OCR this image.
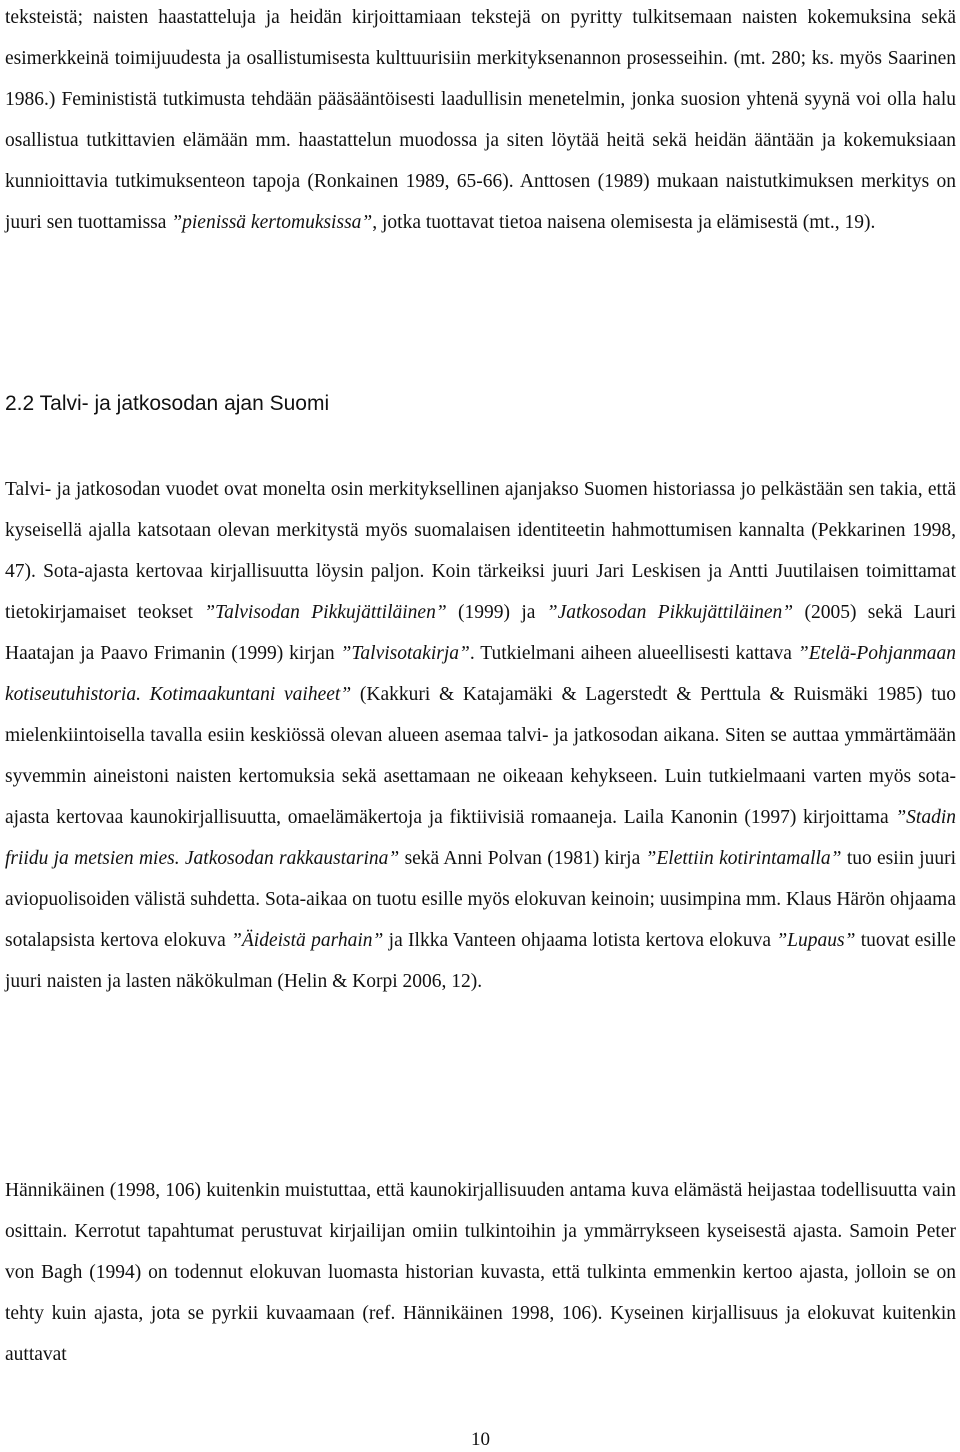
teksteistä; naisten haastatteluja ja heidän kirjoittamiaan tekstejä on pyritty tulkitsemaan naisten kokemuksina sekä esimerkkeinä toimijuudesta ja osallistumisesta kulttuurisiin merkityksenannon prosesseihin. (mt. 280; ks. myös Saarinen 1986.) Feminististä tutkimusta tehdään pääsääntöisesti laadullisin menetelmin, jonka suosion yhtenä syynä voi olla halu osallistua tutkittavien elämään mm. haastattelun muodossa ja siten löytää heitä sekä heidän ääntään ja kokemuksiaan kunnioittavia tutkimuksenteon tapoja (Ronkainen 1989, 65-66). Anttosen (1989) mukaan naistutkimuksen merkitys on juuri sen tuottamissa ”pienissä kertomuksissa”, jotka tuottavat tietoa naisena olemisesta ja elämisestä (mt., 19).

2.2 Talvi- ja jatkosodan ajan Suomi

Talvi- ja jatkosodan vuodet ovat monelta osin merkityksellinen ajanjakso Suomen historiassa jo pelkästään sen takia, että kyseisellä ajalla katsotaan olevan merkitystä myös suomalaisen identiteetin hahmottumisen kannalta (Pekkarinen 1998, 47). Sota-ajasta kertovaa kirjallisuutta löysin paljon. Koin tärkeiksi juuri Jari Leskisen ja Antti Juutilaisen toimittamat tietokirjamaiset teokset ”Talvisodan Pikkujättiläinen” (1999) ja ”Jatkosodan Pikkujättiläinen” (2005) sekä Lauri Haatajan ja Paavo Frimanin (1999) kirjan ”Talvisotakirja”. Tutkielmani aiheen alueellisesti kattava ”Etelä-Pohjanmaan kotiseutuhistoria. Kotimaakuntani vaiheet” (Kakkuri & Katajamäki & Lagerstedt & Perttula & Ruismäki 1985) tuo mielenkiintoisella tavalla esiin keskiössä olevan alueen asemaa talvi- ja jatkosodan aikana. Siten se auttaa ymmärtämään syvemmin aineistoni naisten kertomuksia sekä asettamaan ne oikeaan kehykseen. Luin tutkielmaani varten myös sota-ajasta kertovaa kaunokirjallisuutta, omaelämäkertoja ja fiktiivisiä romaaneja. Laila Kanonin (1997) kirjoittama ”Stadin friidu ja metsien mies. Jatkosodan rakkaustarina” sekä Anni Polvan (1981) kirja ”Elettiin kotirintamalla” tuo esiin juuri aviopuolisoiden välistä suhdetta. Sota-aikaa on tuotu esille myös elokuvan keinoin; uusimpina mm. Klaus Härön ohjaama sotalapsista kertova elokuva ”Äideistä parhain” ja Ilkka Vanteen ohjaama lotista kertova elokuva ”Lupaus” tuovat esille juuri naisten ja lasten näkökulman (Helin & Korpi 2006, 12).

Hännikäinen (1998, 106) kuitenkin muistuttaa, että kaunokirjallisuuden antama kuva elämästä heijastaa todellisuutta vain osittain. Kerrotut tapahtumat perustuvat kirjailijan omiin tulkintoihin ja ymmärrykseen kyseisestä ajasta. Samoin Peter von Bagh (1994) on todennut elokuvan luomasta historian kuvasta, että tulkinta emmenkin kertoo ajasta, jolloin se on tehty kuin ajasta, jota se pyrkii kuvaamaan (ref. Hännikäinen 1998, 106). Kyseinen kirjallisuus ja elokuvat kuitenkin auttavat

10
